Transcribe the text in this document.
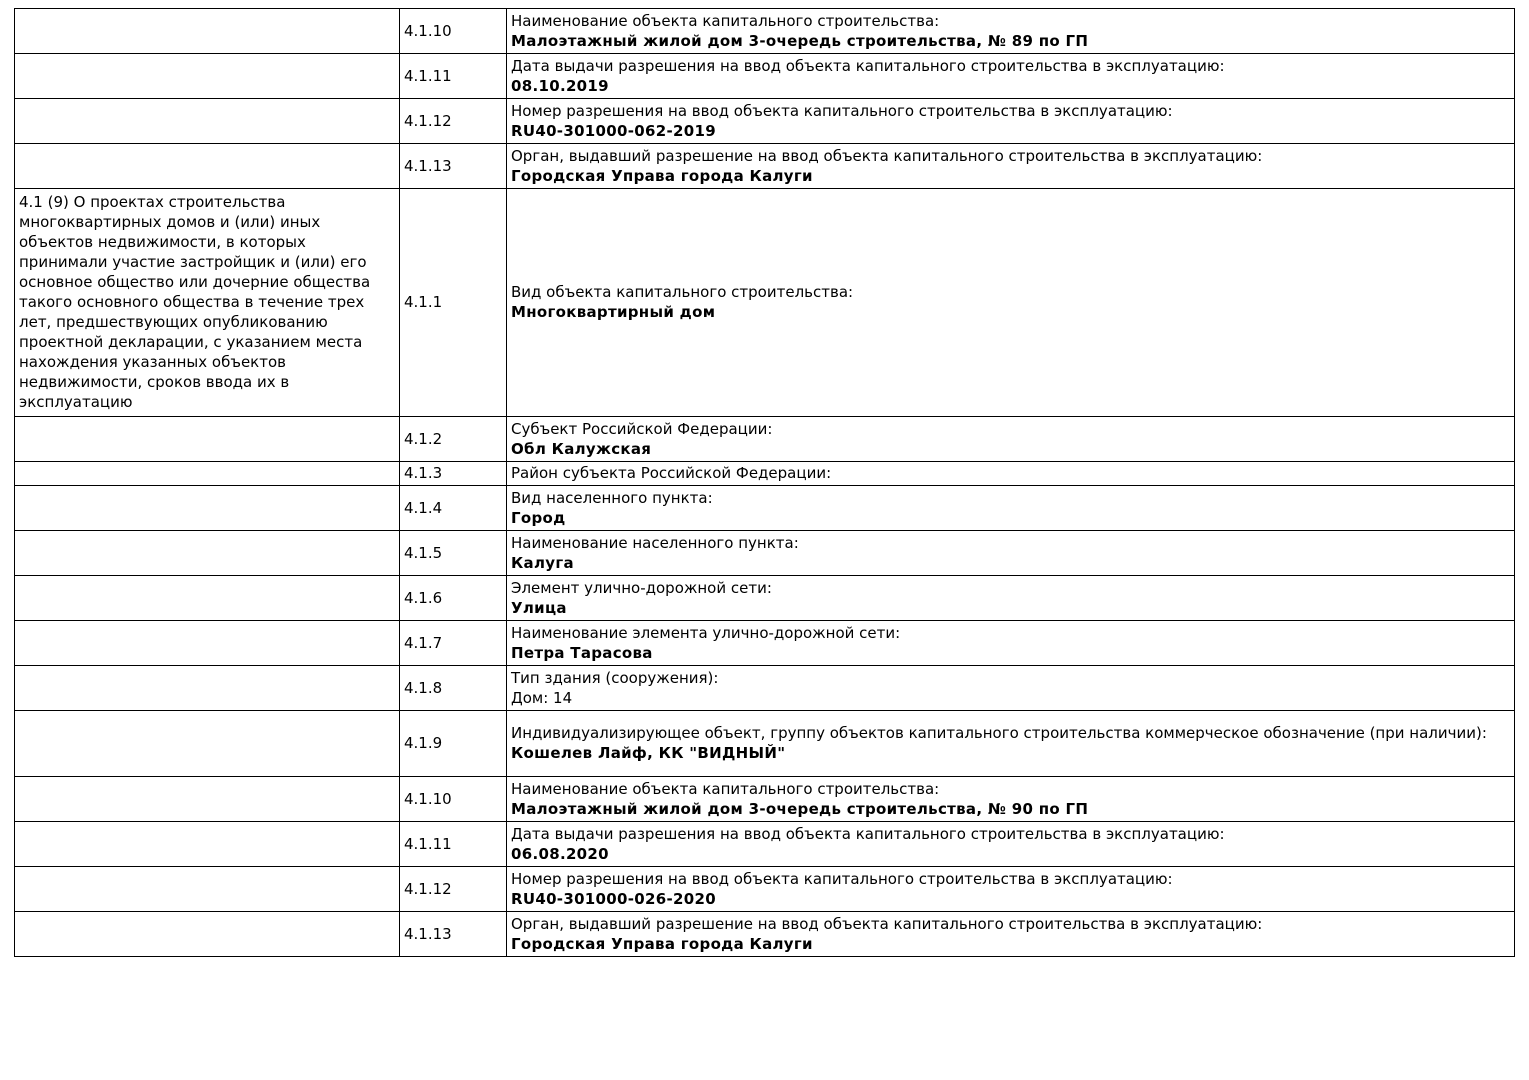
	4.1.10	Наименование объекта капитального строительства:
Малоэтажный жилой дом 3-очередь строительства, № 89 по ГП

	4.1.11	Дата выдачи разрешения на ввод объекта капитального строительства в эксплуатацию:
08.10.2019

	4.1.12	Номер разрешения на ввод объекта капитального строительства в эксплуатацию:
RU40-301000-062-2019

	4.1.13	Орган, выдавший разрешение на ввод объекта капитального строительства в эксплуатацию:
Городская Управа города Калуги

4.1 (9) О проектах строительства многоквартирных домов и (или) иных объектов недвижимости, в которых принимали участие застройщик и (или) его основное общество или дочерние общества такого основного общества в течение трех лет, предшествующих опубликованию проектной декларации, с указанием места нахождения указанных объектов недвижимости, сроков ввода их в эксплуатацию	4.1.1	Вид объекта капитального строительства:
Многоквартирный дом

	4.1.2	Субъект Российской Федерации:
Обл Калужская

	4.1.3	Район субъекта Российской Федерации:

	4.1.4	Вид населенного пункта:
Город

	4.1.5	Наименование населенного пункта:
Калуга

	4.1.6	Элемент улично-дорожной сети:
Улица

	4.1.7	Наименование элемента улично-дорожной сети:
Петра Тарасова

	4.1.8	Тип здания (сооружения):
Дом: 14

	4.1.9	Индивидуализирующее объект, группу объектов капитального строительства коммерческое обозначение (при наличии):
Кошелев Лайф, КК "ВИДНЫЙ"

	4.1.10	Наименование объекта капитального строительства:
Малоэтажный жилой дом 3-очередь строительства, № 90 по ГП

	4.1.11	Дата выдачи разрешения на ввод объекта капитального строительства в эксплуатацию:
06.08.2020

	4.1.12	Номер разрешения на ввод объекта капитального строительства в эксплуатацию:
RU40-301000-026-2020

	4.1.13	Орган, выдавший разрешение на ввод объекта капитального строительства в эксплуатацию:
Городская Управа города Калуги
